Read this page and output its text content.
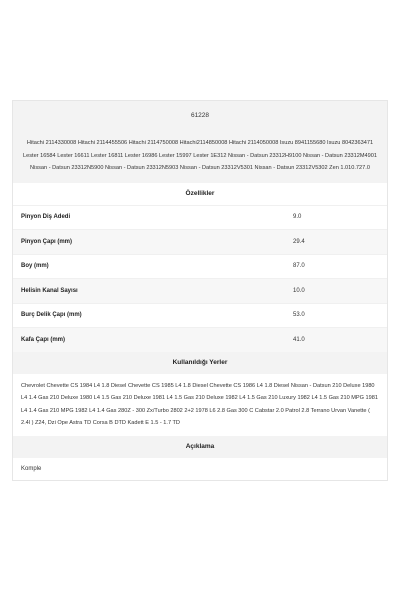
61228
Hitachi 2114330008 Hitachi 2114455506 Hitachi 2114750008 Hitachi2114850008 Hitachi 2114050008 Isuzu 8941155680 Isuzu 8042363471 Lester 16584 Lester 16611 Lester 16811 Lester 16986 Lester 15997 Lester 1E312 Nissan - Datsun 23312H9100 Nissan - Datsun 23312M4901 Nissan - Datsun 23312N5900 Nissan - Datsun 23312N5903 Nissan - Datsun 23312V5301 Nissan - Datsun 23312V5302 Zen 1.010.727.0
Özellikler
Pinyon Diş Adedi	9.0
Pinyon Çapı (mm)	29.4
Boy (mm)	87.0
Helisin Kanal Sayısı	10.0
Burç Delik Çapı (mm)	53.0
Kafa Çapı (mm)	41.0
Kullanıldığı Yerler
Chevrolet Chevette CS 1984 L4 1.8 Diesel Chevette CS 1985 L4 1.8 Diesel Chevette CS 1986 L4 1.8 Diesel Nissan - Datsun 210 Deluxe 1980 L4 1.4 Gas 210 Deluxe 1980 L4 1.5 Gas 210 Deluxe 1981 L4 1.5 Gas 210 Deluxe 1982 L4 1.5 Gas 210 Luxury 1982 L4 1.5 Gas 210 MPG 1981 L4 1.4 Gas 210 MPG 1982 L4 1.4 Gas 280Z - 300 Zx/Turbo 2802 2+2 1978 L6 2.8 Gas 300 C Cabstar 2.0 Patrol 2.8 Terrano Urvan Vanette ( 2.4l ) Z24, Dzi Ope Astra TD Corsa B DTD Kadett E 1.5 - 1.7 TD
Açıklama
Komple
